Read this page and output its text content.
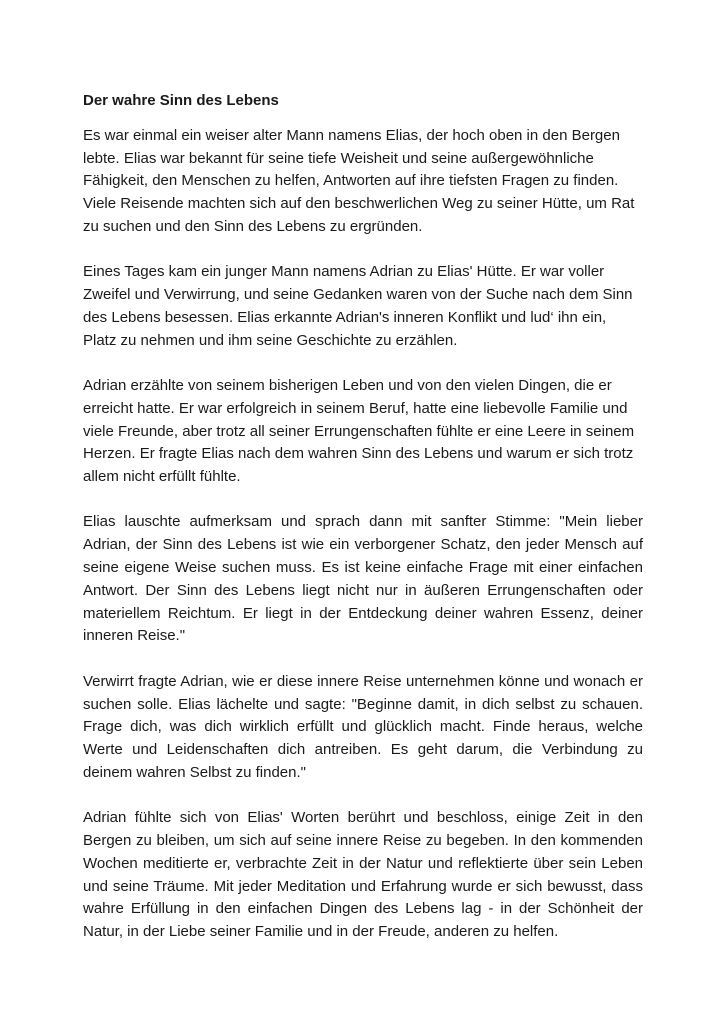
Der wahre Sinn des Lebens

Es war einmal ein weiser alter Mann namens Elias, der hoch oben in den Bergen lebte. Elias war bekannt für seine tiefe Weisheit und seine außergewöhnliche Fähigkeit, den Menschen zu helfen, Antworten auf ihre tiefsten Fragen zu finden. Viele Reisende machten sich auf den beschwerlichen Weg zu seiner Hütte, um Rat zu suchen und den Sinn des Lebens zu ergründen.

Eines Tages kam ein junger Mann namens Adrian zu Elias' Hütte. Er war voller Zweifel und Verwirrung, und seine Gedanken waren von der Suche nach dem Sinn des Lebens besessen. Elias erkannte Adrian's inneren Konflikt und lud‘ ihn ein, Platz zu nehmen und ihm seine Geschichte zu erzählen.

Adrian erzählte von seinem bisherigen Leben und von den vielen Dingen, die er erreicht hatte. Er war erfolgreich in seinem Beruf, hatte eine liebevolle Familie und viele Freunde, aber trotz all seiner Errungenschaften fühlte er eine Leere in seinem Herzen. Er fragte Elias nach dem wahren Sinn des Lebens und warum er sich trotz allem nicht erfüllt fühlte.

Elias lauschte aufmerksam und sprach dann mit sanfter Stimme: "Mein lieber Adrian, der Sinn des Lebens ist wie ein verborgener Schatz, den jeder Mensch auf seine eigene Weise suchen muss. Es ist keine einfache Frage mit einer einfachen Antwort. Der Sinn des Lebens liegt nicht nur in äußeren Errungenschaften oder materiellem Reichtum. Er liegt in der Entdeckung deiner wahren Essenz, deiner inneren Reise."

Verwirrt fragte Adrian, wie er diese innere Reise unternehmen könne und wonach er suchen solle. Elias lächelte und sagte: "Beginne damit, in dich selbst zu schauen. Frage dich, was dich wirklich erfüllt und glücklich macht. Finde heraus, welche Werte und Leidenschaften dich antreiben. Es geht darum, die Verbindung zu deinem wahren Selbst zu finden."

Adrian fühlte sich von Elias' Worten berührt und beschloss, einige Zeit in den Bergen zu bleiben, um sich auf seine innere Reise zu begeben. In den kommenden Wochen meditierte er, verbrachte Zeit in der Natur und reflektierte über sein Leben und seine Träume. Mit jeder Meditation und Erfahrung wurde er sich bewusst, dass wahre Erfüllung in den einfachen Dingen des Lebens lag - in der Schönheit der Natur, in der Liebe seiner Familie und in der Freude, anderen zu helfen.
